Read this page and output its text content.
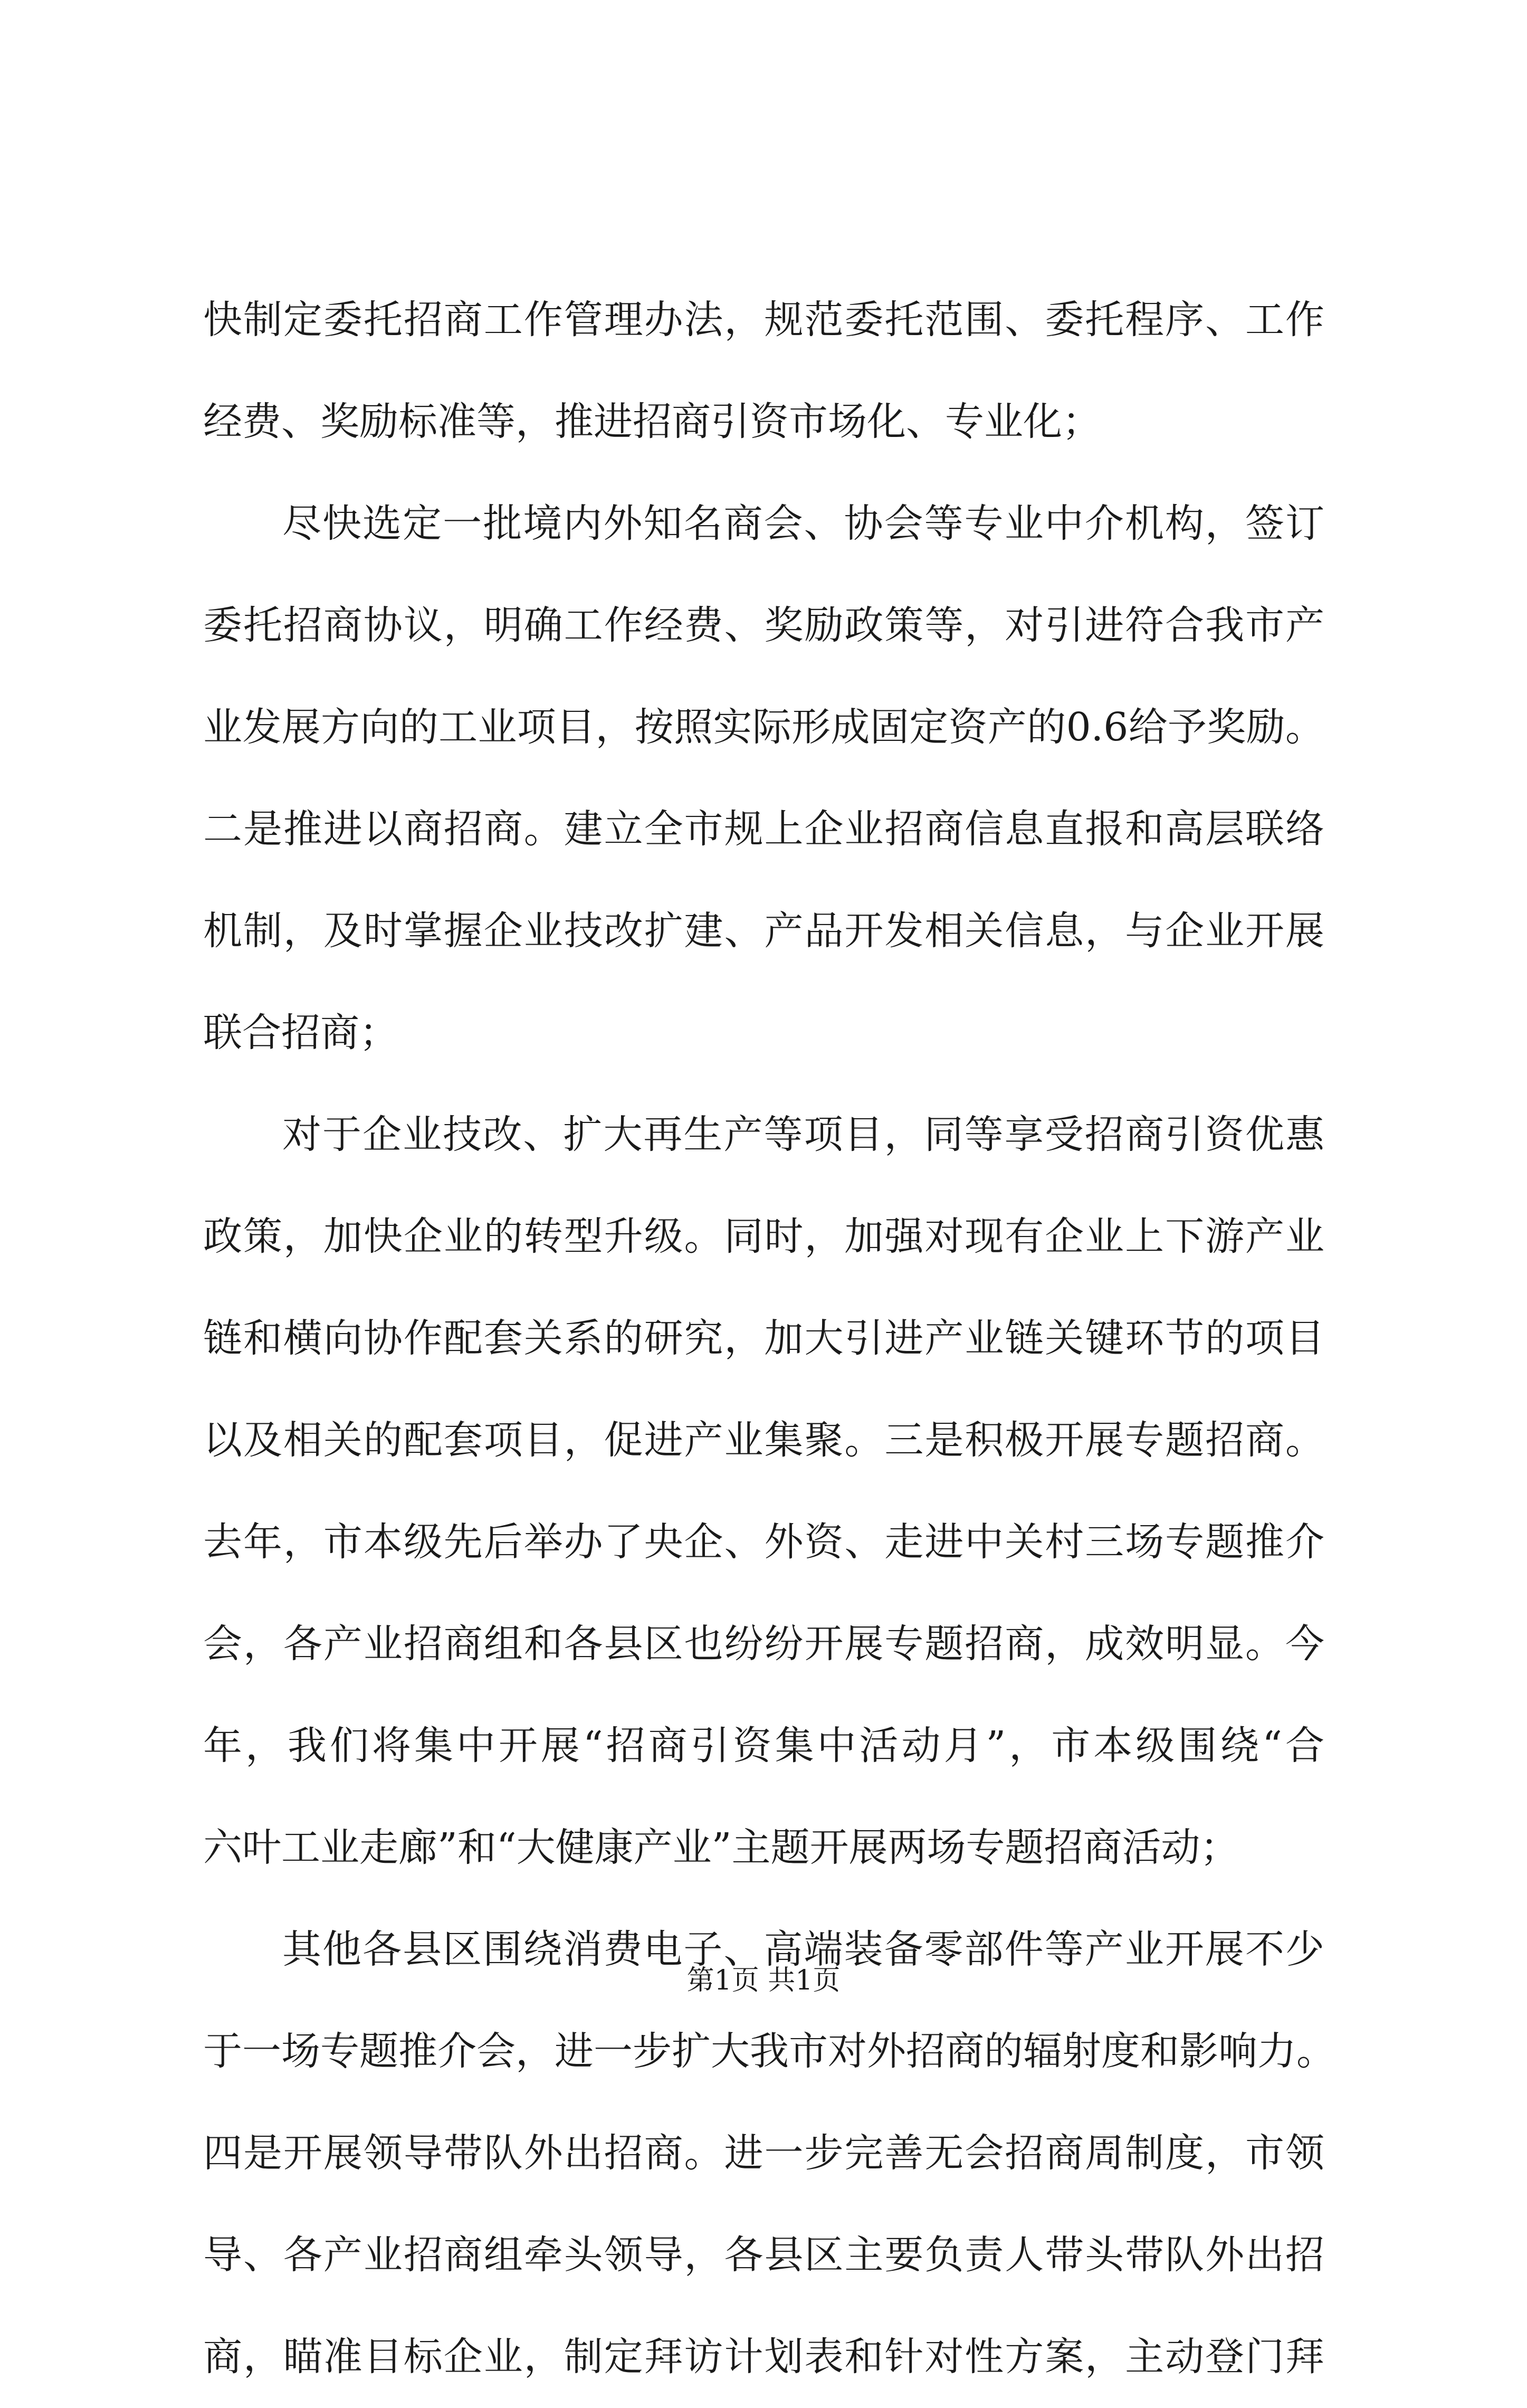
快制定委托招商工作管理办法，规范委托范围、委托程序、工作
经费、奖励标准等，推进招商引资市场化、专业化；
尽快选定一批境内外知名商会、协会等专业中介机构，签订
委托招商协议，明确工作经费、奖励政策等，对引进符合我市产
业发展方向的工业项目，按照实际形成固定资产的0.6给予奖励。
二是推进以商招商。建立全市规上企业招商信息直报和高层联络
机制，及时掌握企业技改扩建、产品开发相关信息，与企业开展
联合招商；
对于企业技改、扩大再生产等项目，同等享受招商引资优惠
政策，加快企业的转型升级。同时，加强对现有企业上下游产业
链和横向协作配套关系的研究，加大引进产业链关键环节的项目
以及相关的配套项目，促进产业集聚。三是积极开展专题招商。
去年，市本级先后举办了央企、外资、走进中关村三场专题推介
会，各产业招商组和各县区也纷纷开展专题招商，成效明显。今
年，我们将集中开展“招商引资集中活动月”，市本级围绕“合
六叶工业走廊”和“大健康产业”主题开展两场专题招商活动；
其他各县区围绕消费电子、高端装备零部件等产业开展不少
于一场专题推介会，进一步扩大我市对外招商的辐射度和影响力。
四是开展领导带队外出招商。进一步完善无会招商周制度，市领
导、各产业招商组牵头领导，各县区主要负责人带头带队外出招
商，瞄准目标企业，制定拜访计划表和针对性方案，主动登门拜
第1页 共1页
